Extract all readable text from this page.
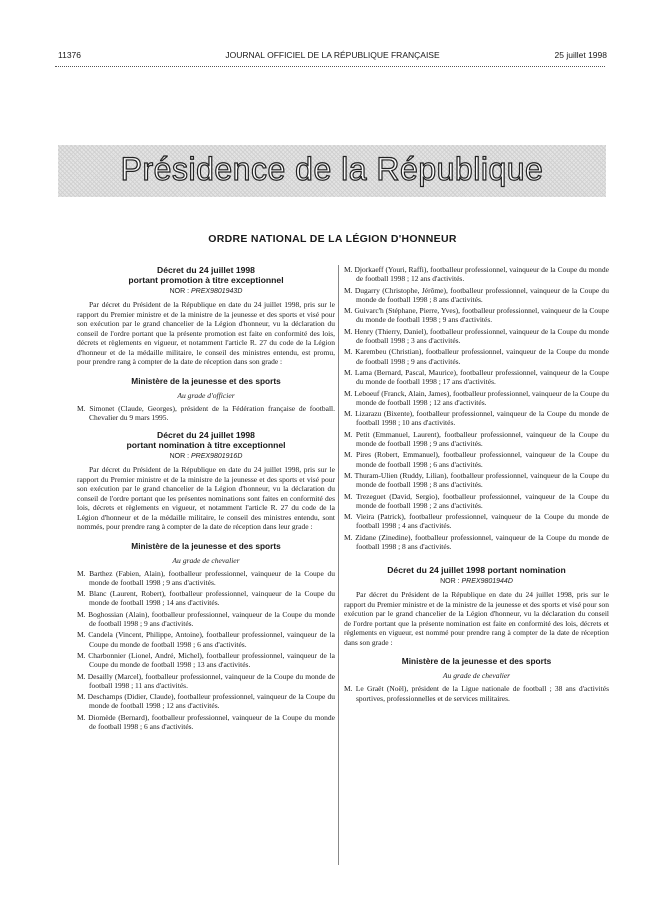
11376	JOURNAL OFFICIEL DE LA RÉPUBLIQUE FRANÇAISE	25 juillet 1998
Présidence de la République
ORDRE NATIONAL DE LA LÉGION D'HONNEUR

Décret du 24 juillet 1998
portant promotion à titre exceptionnel

NOR : PREX9801943D

Par décret du Président de la République en date du 24 juillet 1998, pris sur le rapport du Premier ministre et de la ministre de la jeunesse et des sports et visé pour son exécution par le grand chancelier de la Légion d'honneur, vu la déclaration du conseil de l'ordre portant que la présente promotion est faite en conformité des lois, décrets et règlements en vigueur, et notamment l'article R. 27 du code de la Légion d'honneur et de la médaille militaire, le conseil des ministres entendu, est promu, pour prendre rang à compter de la date de réception dans son grade :

Ministère de la jeunesse et des sports
Au grade d'officier

M. Simonet (Claude, Georges), président de la Fédération française de football. Chevalier du 9 mars 1995.

Décret du 24 juillet 1998
portant nomination à titre exceptionnel

NOR : PREX9801916D

Par décret du Président de la République en date du 24 juillet 1998, pris sur le rapport du Premier ministre et de la ministre de la jeunesse et des sports et visé pour son exécution par le grand chancelier de la Légion d'honneur, vu la déclaration du conseil de l'ordre portant que les présentes nominations sont faites en conformité des lois, décrets et règlements en vigueur, et notamment l'article R. 27 du code de la Légion d'honneur et de la médaille militaire, le conseil des ministres entendu, sont nommés, pour prendre rang à compter de la date de réception dans leur grade :

Ministère de la jeunesse et des sports
Au grade de chevalier

M. Barthez (Fabien, Alain), footballeur professionnel, vainqueur de la Coupe du monde de football 1998 ; 9 ans d'activités.

M. Blanc (Laurent, Robert), footballeur professionnel, vainqueur de la Coupe du monde de football 1998 ; 14 ans d'activités.

M. Boghossian (Alain), footballeur professionnel, vainqueur de la Coupe du monde de football 1998 ; 9 ans d'activités.

M. Candela (Vincent, Philippe, Antoine), footballeur professionnel, vainqueur de la Coupe du monde de football 1998 ; 6 ans d'activités.

M. Charbonnier (Lionel, André, Michel), footballeur professionnel, vainqueur de la Coupe du monde de football 1998 ; 13 ans d'activités.

M. Desailly (Marcel), footballeur professionnel, vainqueur de la Coupe du monde de football 1998 ; 11 ans d'activités.

M. Deschamps (Didier, Claude), footballeur professionnel, vainqueur de la Coupe du monde de football 1998 ; 12 ans d'activités.

M. Diomède (Bernard), footballeur professionnel, vainqueur de la Coupe du monde de football 1998 ; 6 ans d'activités.

M. Djorkaeff (Youri, Raffi), footballeur professionnel, vainqueur de la Coupe du monde de football 1998 ; 12 ans d'activités.

M. Dugarry (Christophe, Jérôme), footballeur professionnel, vainqueur de la Coupe du monde de football 1998 ; 8 ans d'activités.

M. Guivarc'h (Stéphane, Pierre, Yves), footballeur professionnel, vainqueur de la Coupe du monde de football 1998 ; 9 ans d'activités.

M. Henry (Thierry, Daniel), footballeur professionnel, vainqueur de la Coupe du monde de football 1998 ; 3 ans d'activités.

M. Karembeu (Christian), footballeur professionnel, vainqueur de la Coupe du monde de football 1998 ; 9 ans d'activités.

M. Lama (Bernard, Pascal, Maurice), footballeur professionnel, vainqueur de la Coupe du monde de football 1998 ; 17 ans d'activités.

M. Leboeuf (Franck, Alain, James), footballeur professionnel, vainqueur de la Coupe du monde de football 1998 ; 12 ans d'activités.

M. Lizarazu (Bixente), footballeur professionnel, vainqueur de la Coupe du monde de football 1998 ; 10 ans d'activités.

M. Petit (Emmanuel, Laurent), footballeur professionnel, vainqueur de la Coupe du monde de football 1998 ; 9 ans d'activités.

M. Pires (Robert, Emmanuel), footballeur professionnel, vainqueur de la Coupe du monde de football 1998 ; 6 ans d'activités.

M. Thuram-Ulien (Ruddy, Lilian), footballeur professionnel, vainqueur de la Coupe du monde de football 1998 ; 8 ans d'activités.

M. Trezeguet (David, Sergio), footballeur professionnel, vainqueur de la Coupe du monde de football 1998 ; 2 ans d'activités.

M. Vieira (Patrick), footballeur professionnel, vainqueur de la Coupe du monde de football 1998 ; 4 ans d'activités.

M. Zidane (Zinedine), footballeur professionnel, vainqueur de la Coupe du monde de football 1998 ; 8 ans d'activités.

Décret du 24 juillet 1998 portant nomination

NOR : PREX9801944D

Par décret du Président de la République en date du 24 juillet 1998, pris sur le rapport du Premier ministre et de la ministre de la jeunesse et des sports et visé pour son exécution par le grand chancelier de la Légion d'honneur, vu la déclaration du conseil de l'ordre portant que la présente nomination est faite en conformité des lois, décrets et règlements en vigueur, est nommé pour prendre rang à compter de la date de réception dans son grade :

Ministère de la jeunesse et des sports
Au grade de chevalier

M. Le Graët (Noël), président de la Ligue nationale de football ; 38 ans d'activités sportives, professionnelles et de services militaires.
